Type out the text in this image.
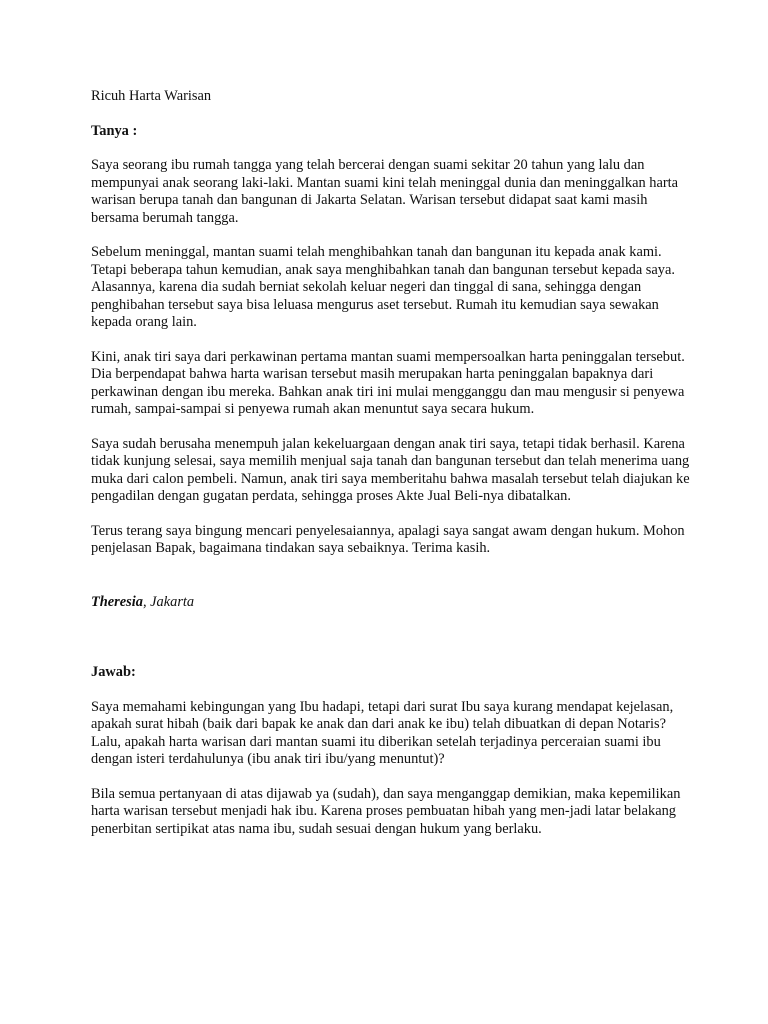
Ricuh Harta Warisan

Tanya :

Saya seorang ibu rumah tangga yang telah bercerai dengan suami sekitar 20 tahun yang lalu dan mempunyai anak seorang laki-laki. Mantan suami kini telah meninggal dunia dan meninggalkan harta warisan berupa tanah dan bangunan di Jakarta Selatan. Warisan tersebut didapat saat kami masih bersama berumah tangga.

Sebelum meninggal, mantan suami telah menghibahkan tanah dan bangunan itu kepada anak kami. Tetapi beberapa tahun kemudian, anak saya menghibahkan tanah dan bangunan tersebut kepada saya. Alasannya, karena dia sudah berniat sekolah keluar negeri dan tinggal di sana, sehingga dengan penghibahan tersebut saya bisa leluasa mengurus aset tersebut. Rumah itu kemudian saya sewakan kepada orang lain.

Kini, anak tiri saya dari perkawinan pertama mantan suami mempersoalkan harta peninggalan tersebut. Dia berpendapat bahwa harta warisan tersebut masih merupakan harta peninggalan bapaknya dari perkawinan dengan ibu mereka. Bahkan anak tiri ini mulai mengganggu dan mau mengusir si penyewa rumah, sampai-sampai si penyewa rumah akan menuntut saya secara hukum.

Saya sudah berusaha menempuh jalan kekeluargaan dengan anak tiri saya, tetapi tidak berhasil. Karena tidak kunjung selesai, saya memilih menjual saja tanah dan bangunan tersebut dan telah menerima uang muka dari calon pembeli. Namun, anak tiri saya memberitahu bahwa masalah tersebut telah diajukan ke pengadilan dengan gugatan perdata, sehingga proses Akte Jual Beli-nya dibatalkan.

Terus terang saya bingung mencari penyelesaiannya, apalagi saya sangat awam dengan hukum. Mohon penjelasan Bapak, bagaimana tindakan saya sebaiknya. Terima kasih.

Theresia, Jakarta

Jawab:

Saya memahami kebingungan yang Ibu hadapi, tetapi dari surat Ibu saya kurang mendapat kejelasan, apakah surat hibah (baik dari bapak ke anak dan dari anak ke ibu) telah dibuatkan di depan Notaris? Lalu, apakah harta warisan dari mantan suami itu diberikan setelah terjadinya perceraian suami ibu dengan isteri terdahulunya (ibu anak tiri ibu/yang menuntut)?

Bila semua pertanyaan di atas dijawab ya (sudah), dan saya menganggap demikian, maka kepemilikan harta warisan tersebut menjadi hak ibu. Karena proses pembuatan hibah yang men-jadi latar belakang penerbitan sertipikat atas nama ibu, sudah sesuai dengan hukum yang berlaku.
